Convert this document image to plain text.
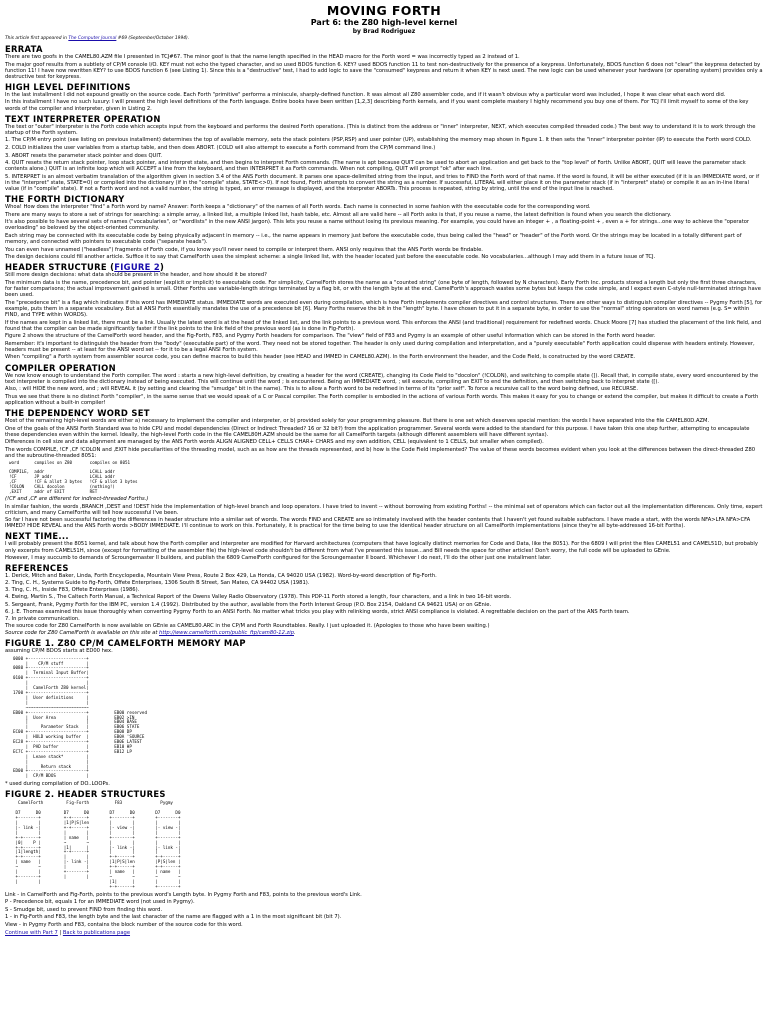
MOVING FORTH
Part 6: the Z80 high-level kernel
by Brad Rodriguez
This article first appeared in The Computer Journal #69 (September/October 1994).
ERRATA

There are two goofs in the CAMEL80.AZM file I presented in TCJ#67. The minor goof is that the name length specified in the HEAD macro for the Forth word = was incorrectly typed as 2 instead of 1.

The major goof results from a subtlety of CP/M console I/O. KEY must not echo the typed character, and so used BDOS function 6. KEY? used BDOS function 11 to test non-destructively for the presence of a keypress. Unfortunately, BDOS function 6 does not "clear" the keypress detected by function 11! I have now rewritten KEY? to use BDOS function 6 (see Listing 1). Since this is a "destructive" test, I had to add logic to save the "consumed" keypress and return it when KEY is next used. The new logic can be used whenever your hardware (or operating system) provides only a destructive test for keypress.

HIGH LEVEL DEFINITIONS

In the last installment I did not expound greatly on the source code. Each Forth "primitive" performs a miniscule, sharply-defined function. It was almost all Z80 assembler code, and if it wasn't obvious why a particular word was included, I hope it was clear what each word did.

In this installment I have no such luxury: I will present the high level definitions of the Forth language. Entire books have been written [1,2,3] describing Forth kernels, and if you want complete mastery I highly recommend you buy one of them. For TCJ I'll limit myself to some of the key words of the compiler and interpreter, given in Listing 2.

TEXT INTERPRETER OPERATION

The text or "outer" interpreter is the Forth code which accepts input from the keyboard and performs the desired Forth operations. (This is distinct from the address or "inner" interpreter, NEXT, which executes compiled threaded code.) The best way to understand it is to work through the startup of the Forth system.

1. The CP/M entry point (see listing on previous installment) determines the top of available memory, sets the stack pointers (PSP,RSP) and user pointer (UP), establishing the memory map shown in Figure 1. It then sets the "inner" interpreter pointer (IP) to execute the Forth word COLD.

2. COLD initializes the user variables from a startup table, and then does ABORT. (COLD will also attempt to execute a Forth command from the CP/M command line.)

3. ABORT resets the parameter stack pointer and does QUIT.

4. QUIT resets the return stack pointer, loop stack pointer, and interpret state, and then begins to interpret Forth commands. (The name is apt because QUIT can be used to abort an application and get back to the "top level" of Forth. Unlike ABORT, QUIT will leave the parameter stack contents alone.) QUIT is an infinite loop which will ACCEPT a line from the keyboard, and then INTERPRET it as Forth commands. When not compiling, QUIT will prompt "ok" after each line.

5. INTERPRET is an almost verbatim translation of the algorithm given in section 3.4 of the ANS Forth document. It parses one space-delimited string from the input, and tries to FIND the Forth word of that name. If the word is found, it will be either executed (if it is an IMMEDIATE word, or if in the "interpret" state, STATE=0) or compiled into the dictionary (if in the "compile" state, STATE<>0). If not found, Forth attempts to convert the string as a number. If successful, LITERAL will either place it on the parameter stack (if in "interpret" state) or compile it as an in-line literal value (if in "compile" state). If not a Forth word and not a valid number, the string is typed, an error message is displayed, and the interpreter ABORTs. This process is repeated, string by string, until the end of the input line is reached.

THE FORTH DICTIONARY

Whoa! How does the interpreter "find" a Forth word by name? Answer: Forth keeps a "dictionary" of the names of all Forth words. Each name is connected in some fashion with the executable code for the corresponding word.

There are many ways to store a set of strings for searching: a simple array, a linked list, a multiple linked list, hash table, etc. Almost all are valid here -- all Forth asks is that, if you reuse a name, the latest definition is found when you search the dictionary.

It's also possible to have several sets of names ("vocabularies", or "wordlists" in the new ANSI jargon). This lets you reuse a name without losing its previous meaning. For example, you could have an integer + , a floating-point + , even a + for strings...one way to achieve the "operator overloading" so beloved by the object-oriented community.

Each string may be connected with its executable code by being physically adjacent in memory -- i.e., the name appears in memory just before the executable code, thus being called the "head" or "header" of the Forth word. Or the strings may be located in a totally different part of memory, and connected with pointers to executable code ("separate heads").

You can even have unnamed ("headless") fragments of Forth code, if you know you'll never need to compile or interpret them. ANSI only requires that the ANS Forth words be findable.

The design decisions could fill another article. Suffice it to say that CamelForth uses the simplest scheme: a single linked list, with the header located just before the executable code. No vocabularies...although I may add them in a future issue of TCJ.

HEADER STRUCTURE (FIGURE 2)

Still more design decisions: what data should be present in the header, and how should it be stored?

The minimum data is the name, precedence bit, and pointer (explicit or implicit) to executable code. For simplicity, CamelForth stores the name as a "counted string" (one byte of length, followed by N characters). Early Forth Inc. products stored a length but only the first three characters, for faster comparisons; the actual improvement gained is small. Other Forths use variable-length strings terminated by a flag bit, or with the length byte at the end. CamelForth's approach wastes some bytes but keeps the code simple, and I expect even C-style null-terminated strings have been used.

The "precedence bit" is a flag which indicates if this word has IMMEDIATE status. IMMEDIATE words are executed even during compilation, which is how Forth implements compiler directives and control structures. There are other ways to distinguish compiler directives -- Pygmy Forth [5], for example, puts them in a separate vocabulary. But all ANSI Forth essentially mandates the use of a precedence bit [6]. Many Forths reserve the bit in the "length" byte. I have chosen to put it in a separate byte, in order to use the "normal" string operators on word names (e.g. S= within FIND, and TYPE within WORDS).

If the names are kept in a linked list, there must be a link. Usually the latest word is at the head of the linked list, and the link points to a previous word. This enforces the ANSI (and traditional) requirement for redefined words. Chuck Moore [7] has studied the placement of the link field, and found that the compiler can be made significantly faster if the link points to the link field of the previous word (as is done in Fig-Forth).

Figure 2 shows the structure of the CamelForth word header, and the Fig-Forth, F83, and Pygmy Forth headers for comparison. The "view" field of F83 and Pygmy is an example of other useful information which can be stored in the Forth word header.

Remember: it's important to distinguish the header from the "body" (executable part) of the word. They need not be stored together. The header is only used during compilation and interpretation, and a "purely executable" Forth application could dispense with headers entirely. However, headers must be present -- at least for the ANSI word set -- for it to be a legal ANSI Forth system.

When "compiling" a Forth system from assembler source code, you can define macros to build this header (see HEAD and IMMED in CAMEL80.AZM). In the Forth environment the header, and the Code Field, is constructed by the word CREATE.

COMPILER OPERATION

We now know enough to understand the Forth compiler. The word : starts a new high-level definition, by creating a header for the word (CREATE), changing its Code Field to "docolon" (!COLON), and switching to compile state (]). Recall that, in compile state, every word encountered by the text interpreter is compiled into the dictionary instead of being executed. This will continue until the word ; is encountered. Being an IMMEDIATE word, ; will execute, compiling an EXIT to end the definition, and then switching back to interpret state ([).

Also, : will HIDE the new word, and ; will REVEAL it (by setting and clearing the "smudge" bit in the name). This is to allow a Forth word to be redefined in terms of its "prior self". To force a recursive call to the word being defined, use RECURSE.

Thus we see that there is no distinct Forth "compiler", in the same sense that we would speak of a C or Pascal compiler. The Forth compiler is embodied in the actions of various Forth words. This makes it easy for you to change or extend the compiler, but makes it difficult to create a Forth application without a built-in compiler!

THE DEPENDENCY WORD SET

Most of the remaining high-level words are either a) necessary to implement the compiler and interpreter, or b) provided solely for your programming pleasure. But there is one set which deserves special mention: the words I have separated into the file CAMEL80D.AZM.

One of the goals of the ANSI Forth Standard was to hide CPU and model dependencies (Direct or Indirect Threaded? 16 or 32 bit?) from the application programmer. Several words were added to the standard for this purpose. I have taken this one step further, attempting to encapsulate these dependencies even within the kernel. Ideally, the high-level Forth code in the file CAMEL80H.AZM should be the same for all CamelForth targets (although different assemblers will have different syntax).

Differences in cell size and data alignment are managed by the ANS Forth words ALIGN ALIGNED CELL+ CELLS CHAR+ CHARS and my own addition, CELL (equivalent to 1 CELLS, but smaller when compiled).

The words COMPILE, !CF ,CF !COLON and ,EXIT hide peculiarities of the threading model, such as as how are the threads represented, and b) how is the Code Field implemented? The value of these words becomes evident when you look at the differences between the direct-threaded Z80 and the subroutine-threaded 8051:

word      compiles on Z80       compiles on 8051

COMPILE,  addr                  LCALL addr
!CF       JP addr               LCALL addr
,CF       !CF & allot 3 bytes   !CF & allot 3 bytes
!COLON    CALL docolon          (nothing!)
,EXIT     addr of EXIT          RET

(!CF and ,CF are different for indirect-threaded Forths.)

In similar fashion, the words ,BRANCH ,DEST and !DEST hide the implementation of high-level branch and loop operators. I have tried to invent -- without borrowing from existing Forths! -- the minimal set of operators which can factor out all the implementation differences. Only time, expert criticism, and many CamelForths will tell how successful I've been.

So far I have not been successful factoring the differences in header structure into a similar set of words. The words FIND and CREATE are so intimately involved with the header contents that I haven't yet found suitable subfactors. I have made a start, with the words NFA>LFA NFA>CFA IMMED? HIDE REVEAL and the ANS Forth words >BODY IMMEDIATE. I'll continue to work on this. Fortunately, it is practical for the time being to use the identical header structure on all CamelForth implementations (since they're all byte-addressed 16-bit Forths).

NEXT TIME...

I will probably present the 8051 kernel, and talk about how the Forth compiler and interpreter are modified for Harvard architectures (computers that have logically distinct memories for Code and Data, like the 8051). For the 6809 I will print the files CAMEL51 and CAMEL51D, but probably only excerpts from CAMEL51H, since (except for formatting of the assembler file) the high-level code shouldn't be different from what I've presented this issue...and Bill needs the space for other articles! Don't worry, the full code will be uploaded to GEnie.

However, I may succumb to demands of Scroungemaster II builders, and publish the 6809 CamelForth configured for the Scroungemaster II board. Whichever I do next, I'll do the other just one installment later.

REFERENCES

1. Derick, Mitch and Baker, Linda, Forth Encyclopedia, Mountain View Press, Route 2 Box 429, La Honda, CA 94020 USA (1982). Word-by-word description of Fig-Forth.

2. Ting, C. H., Systems Guide to fig-Forth, Offete Enterprises, 1306 South B Street, San Mateo, CA 94402 USA (1981).

3. Ting, C. H., Inside F83, Offete Enterprises (1986).

4. Ewing, Martin S., The Caltech Forth Manual, a Technical Report of the Owens Valley Radio Observatory (1978). This PDP-11 Forth stored a length, four characters, and a link in two 16-bit words.

5. Sergeant, Frank, Pygmy Forth for the IBM PC, version 1.4 (1992). Distributed by the author, available from the Forth Interest Group (P.O. Box 2154, Oakland CA 94621 USA) or on GEnie.

6. J. E. Thomas examined this issue thoroughly when converting Pygmy Forth to an ANSI Forth. No matter what tricks you play with relinking words, strict ANSI compliance is violated. A regrettable decision on the part of the ANS Forth team.

7. In private communication.

The source code for Z80 CamelForth is now available on GEnie as CAMEL80.ARC in the CP/M and Forth Roundtables. Really. I just uploaded it. (Apologies to those who have been waiting.)

Source code for Z80 CamelForth is available on this site at http://www.camelforth.com/public_ftp/cam80-12.zip.

FIGURE 1. Z80 CP/M CAMELFORTH MEMORY MAP

assuming CP/M BDOS starts at ED00 hex.

0000 +-----------------------+
|    CP/M stuff         |
0080 +-----------------------+
|  Terminal Input Buffer|
0100 +-----------------------+
|                       |
|  CamelForth Z80 kernel|
1700 +-----------------------+
|  User definitions     |
|                       |
~~~~~~~~~~~~~~~~~~~~~~~~~
EB00 +-----------------------+
|  User Area            |
|                       |
|     Parameter Stack   |
EC00 +-----------------------+
|  HOLD working buffer  |
EC28 +-----------------------+
|  PAD buffer           |
EC7C +-----------------------+
|  Leave stack*         |
|                       |
|     Return stack      |
ED00 +-----------------------+
|  CP/M BDOS            |

EB00 reserved
EB02 >IN
EB04 BASE
EB06 STATE
EB08 DP
EB0A 'SOURCE
EB0E LATEST
EB10 HP
EB12 LP

* used during compilation of DO..LOOPs.

FIGURE 2. HEADER STRUCTURES
CamelForth

D7      D0
+--------+
|        |
|- link -|
|        |
+-+------+
|0|    P |
+-+------+
|1|length|
+-+------+
| name   |
~        ~
|        |
+--------+
|        |
Fig-Forth

D7      D0
+-+------+
|1|P|S|len
+-+------+
|        |
| name   |
~        ~
|1|      |
+-+------+
|        |
|- link -|
|        |
+--------+
|        |
F83

D7      D0
+--------+
|        |
|- view -|
|        |
+--------+
|        |
|- link -|
|        |
+-+------+
|1|P|S|len
+-+------+
| name   |
~        ~
|1|      |
+-+------+
Pygmy

D7      D0
+--------+
|        |
|- view -|
|        |
+--------+
|        |
|- link -|
|        |
+-+------+
|P|S|len |
+-+------+
| name   |
~        ~
|        |
+--------+

Link - in CamelForth and Fig-Forth, points to the previous word's Length byte. In Pygmy Forth and F83, points to the previous word's Link.

P - Precedence bit, equals 1 for an IMMEDIATE word (not used in Pygmy).

S - Smudge bit, used to prevent FIND from finding this word.

1 - in Fig-Forth and F83, the length byte and the last character of the name are flagged with a 1 in the most significant bit (bit 7).

View - in Pygmy Forth and F83, contains the block number of the source code for this word.

Continue with Part 7 | Back to publications page
